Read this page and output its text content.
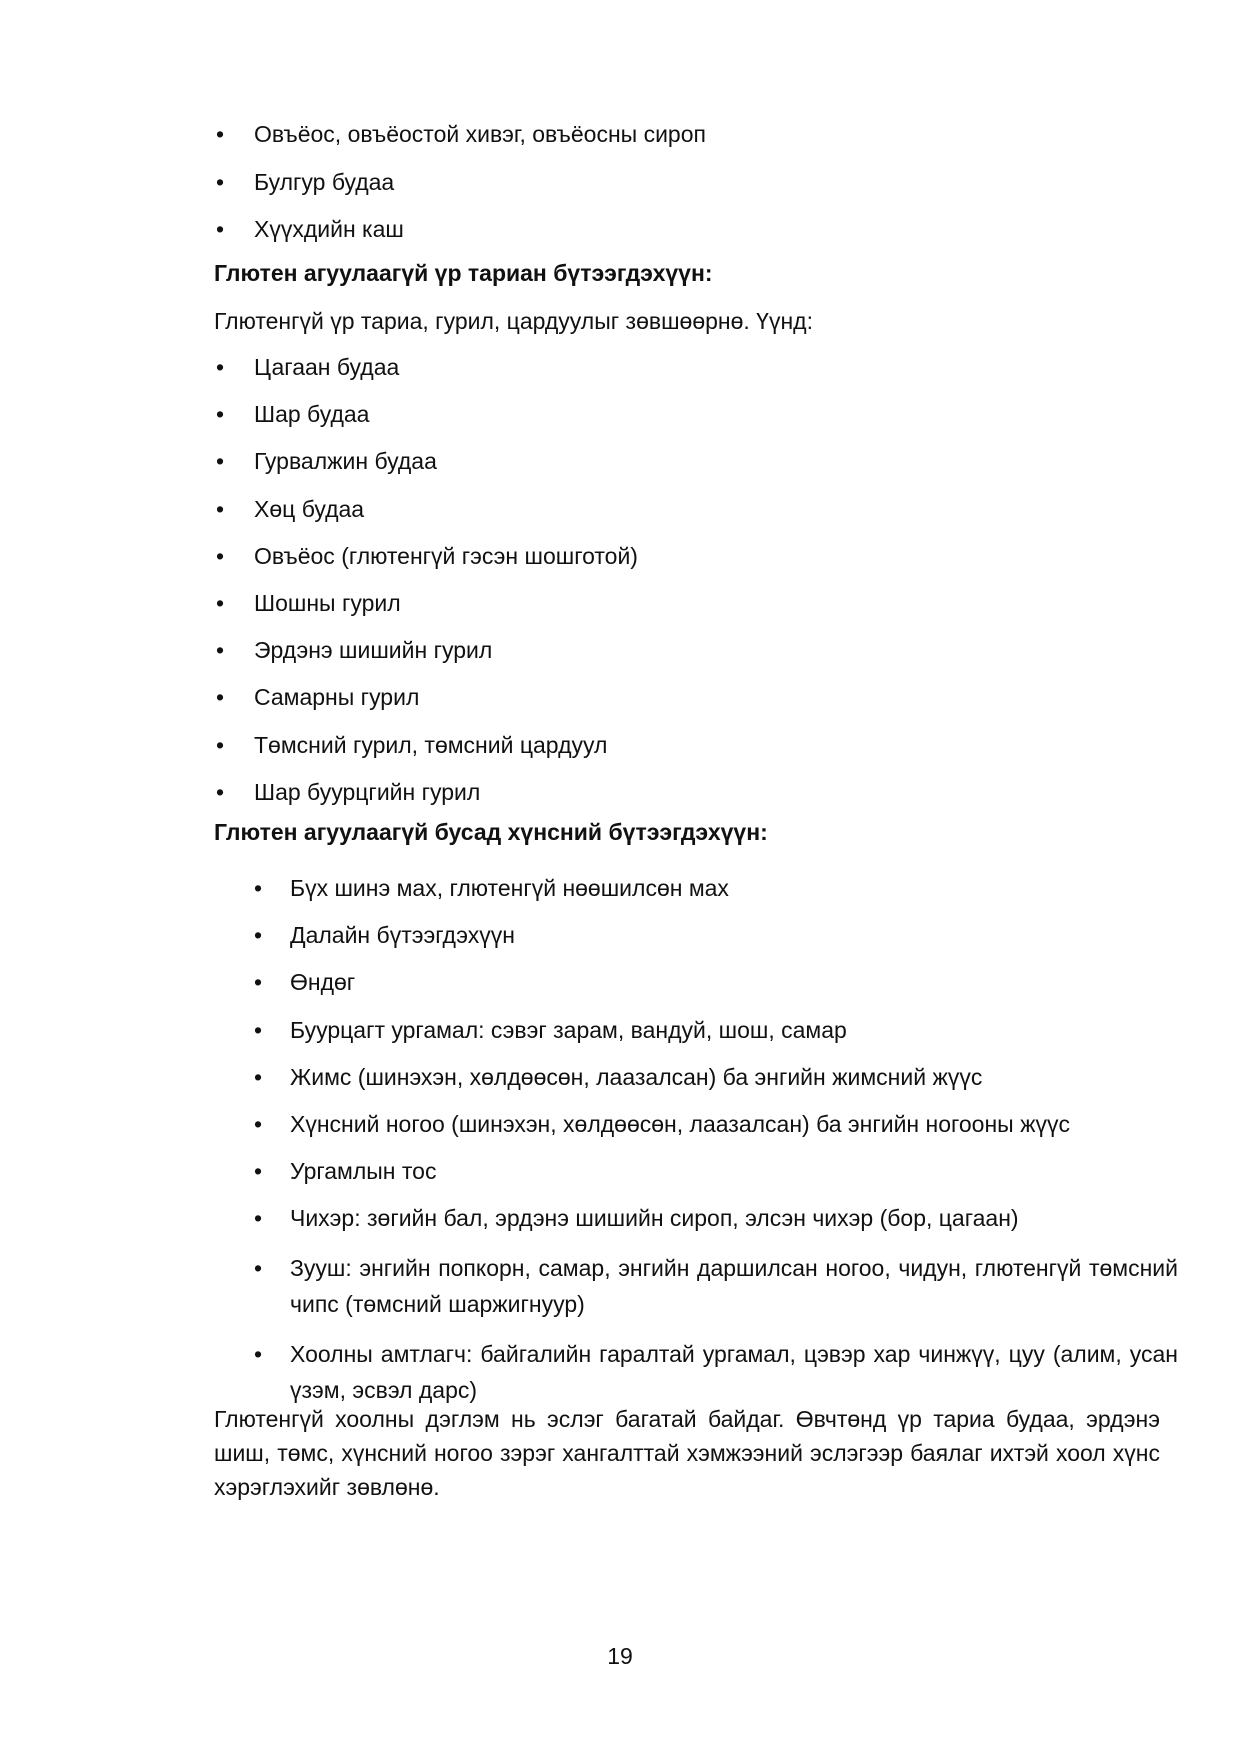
•	Овъёос, овъёостой хивэг, овъёосны сироп
•	Булгур будаа
•	Хүүхдийн каш
Глютен агуулаагүй үр тариан бүтээгдэхүүн:

Глютенгүй үр тариа, гурил, цардуулыг зөвшөөрнө. Үүнд:

•	Цагаан будаа
•	Шар будаа
•	Гурвалжин будаа
•	Хөц будаа
•	Овъёос (глютенгүй гэсэн шошготой)
•	Шошны гурил
•	Эрдэнэ шишийн гурил
•	Самарны гурил
•	Төмсний гурил, төмсний цардуул
•	Шар буурцгийн гурил
Глютен агуулаагүй бусад хүнсний бүтээгдэхүүн:
•	Бүх шинэ мах, глютенгүй нөөшилсөн мах
•	Далайн бүтээгдэхүүн
•	Өндөг
•	Буурцагт ургамал: сэвэг зарам, вандуй, шош, самар
•	Жимс (шинэхэн, хөлдөөсөн, лаазалсан) ба энгийн жимсний жүүс
•	Хүнсний ногоо (шинэхэн, хөлдөөсөн, лаазалсан) ба энгийн ногооны жүүс
•	Ургамлын тос
•	Чихэр: зөгийн бал, эрдэнэ шишийн сироп, элсэн чихэр (бор, цагаан)
•	Зууш: энгийн попкорн, самар, энгийн даршилсан ногоо, чидун, глютенгүй төмсний чипс (төмсний шаржигнуур)
•	Хоолны амтлагч: байгалийн гаралтай ургамал, цэвэр хар чинжүү, цуу (алим, усан үзэм, эсвэл дарс)

Глютенгүй хоолны дэглэм нь эслэг багатай байдаг. Өвчтөнд үр тариа будаа, эрдэнэ шиш, төмс, хүнсний ногоо зэрэг хангалттай хэмжээний эслэгээр баялаг ихтэй хоол хүнс хэрэглэхийг зөвлөнө.

19
